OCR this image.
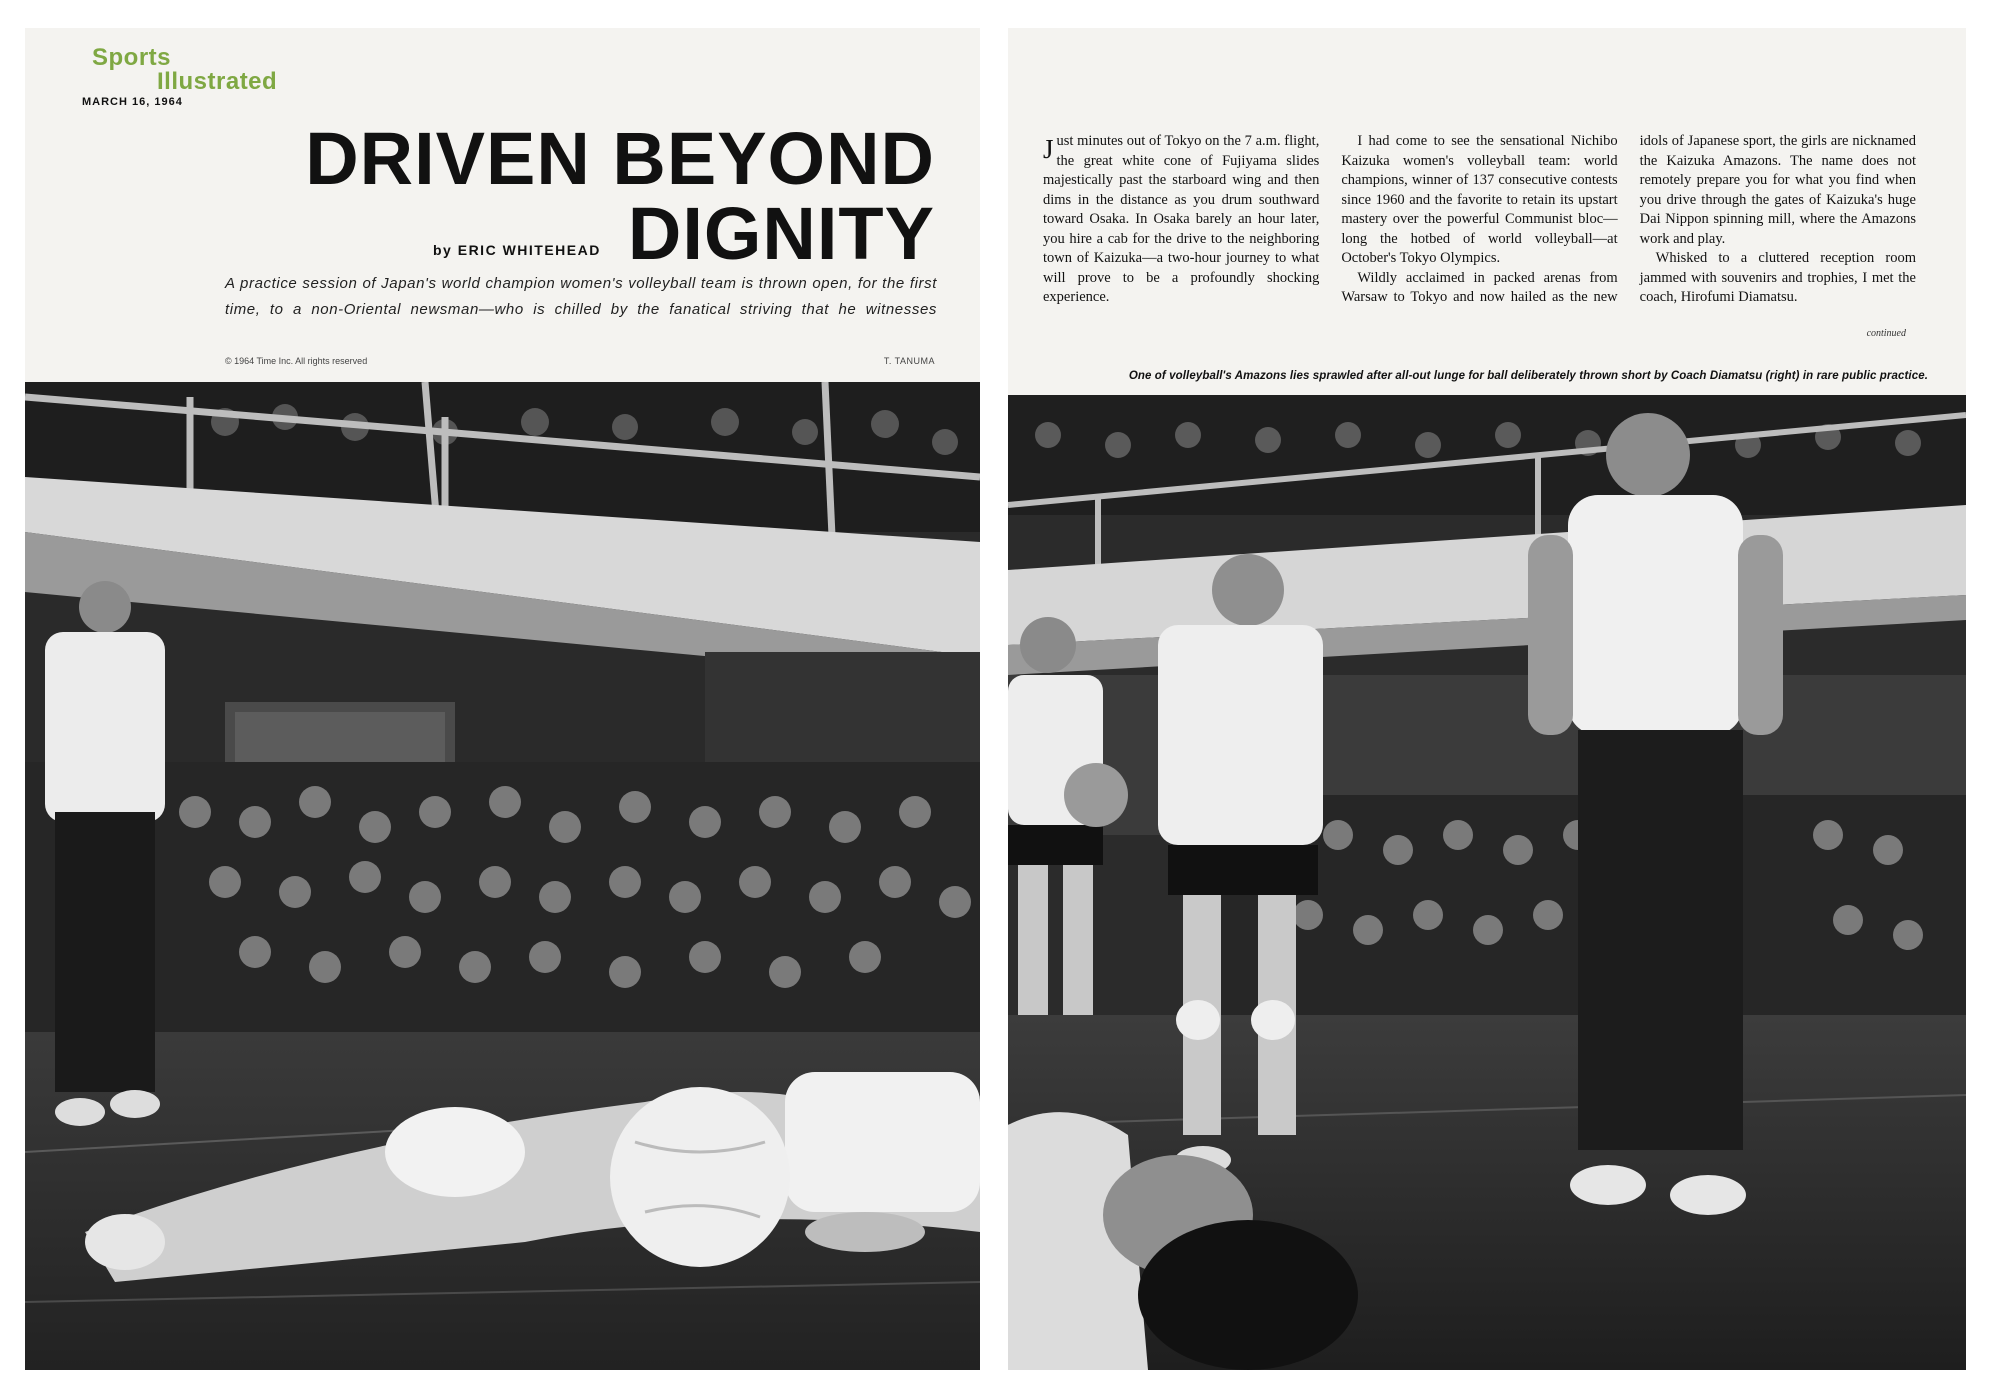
Sports
Illustrated
MARCH 16, 1964
DRIVEN BEYOND
DIGNITY
by ERIC WHITEHEAD
A practice session of Japan's world champion women's volleyball team is thrown open, for the first time, to a non-Oriental newsman—who is chilled by the fanatical striving that he witnesses
© 1964 Time Inc. All rights reserved	T. TANUMA

Just minutes out of Tokyo on the 7 a.m. flight, the great white cone of Fujiyama slides majestically past the starboard wing and then dims in the distance as you drum southward toward Osaka. In Osaka barely an hour later, you hire a cab for the drive to the neighboring town of Kaizuka—a two-hour journey to what will prove to be a profoundly shocking experience.

I had come to see the sensational Nichibo Kaizuka women's volleyball team: world champions, winner of 137 consecutive contests since 1960 and the favorite to retain its upstart mastery over the powerful Communist bloc—long the hotbed of world volleyball—at October's Tokyo Olympics.

Wildly acclaimed in packed arenas from Warsaw to Tokyo and now hailed as the new idols of Japanese sport, the girls are nicknamed the Kaizuka Amazons. The name does not remotely prepare you for what you find when you drive through the gates of Kaizuka's huge Dai Nippon spinning mill, where the Amazons work and play.

Whisked to a cluttered reception room jammed with souvenirs and trophies, I met the coach, Hirofumi Diamatsu.

continued
One of volleyball's Amazons lies sprawled after all-out lunge for ball deliberately thrown short by Coach Diamatsu (right) in rare public practice.
